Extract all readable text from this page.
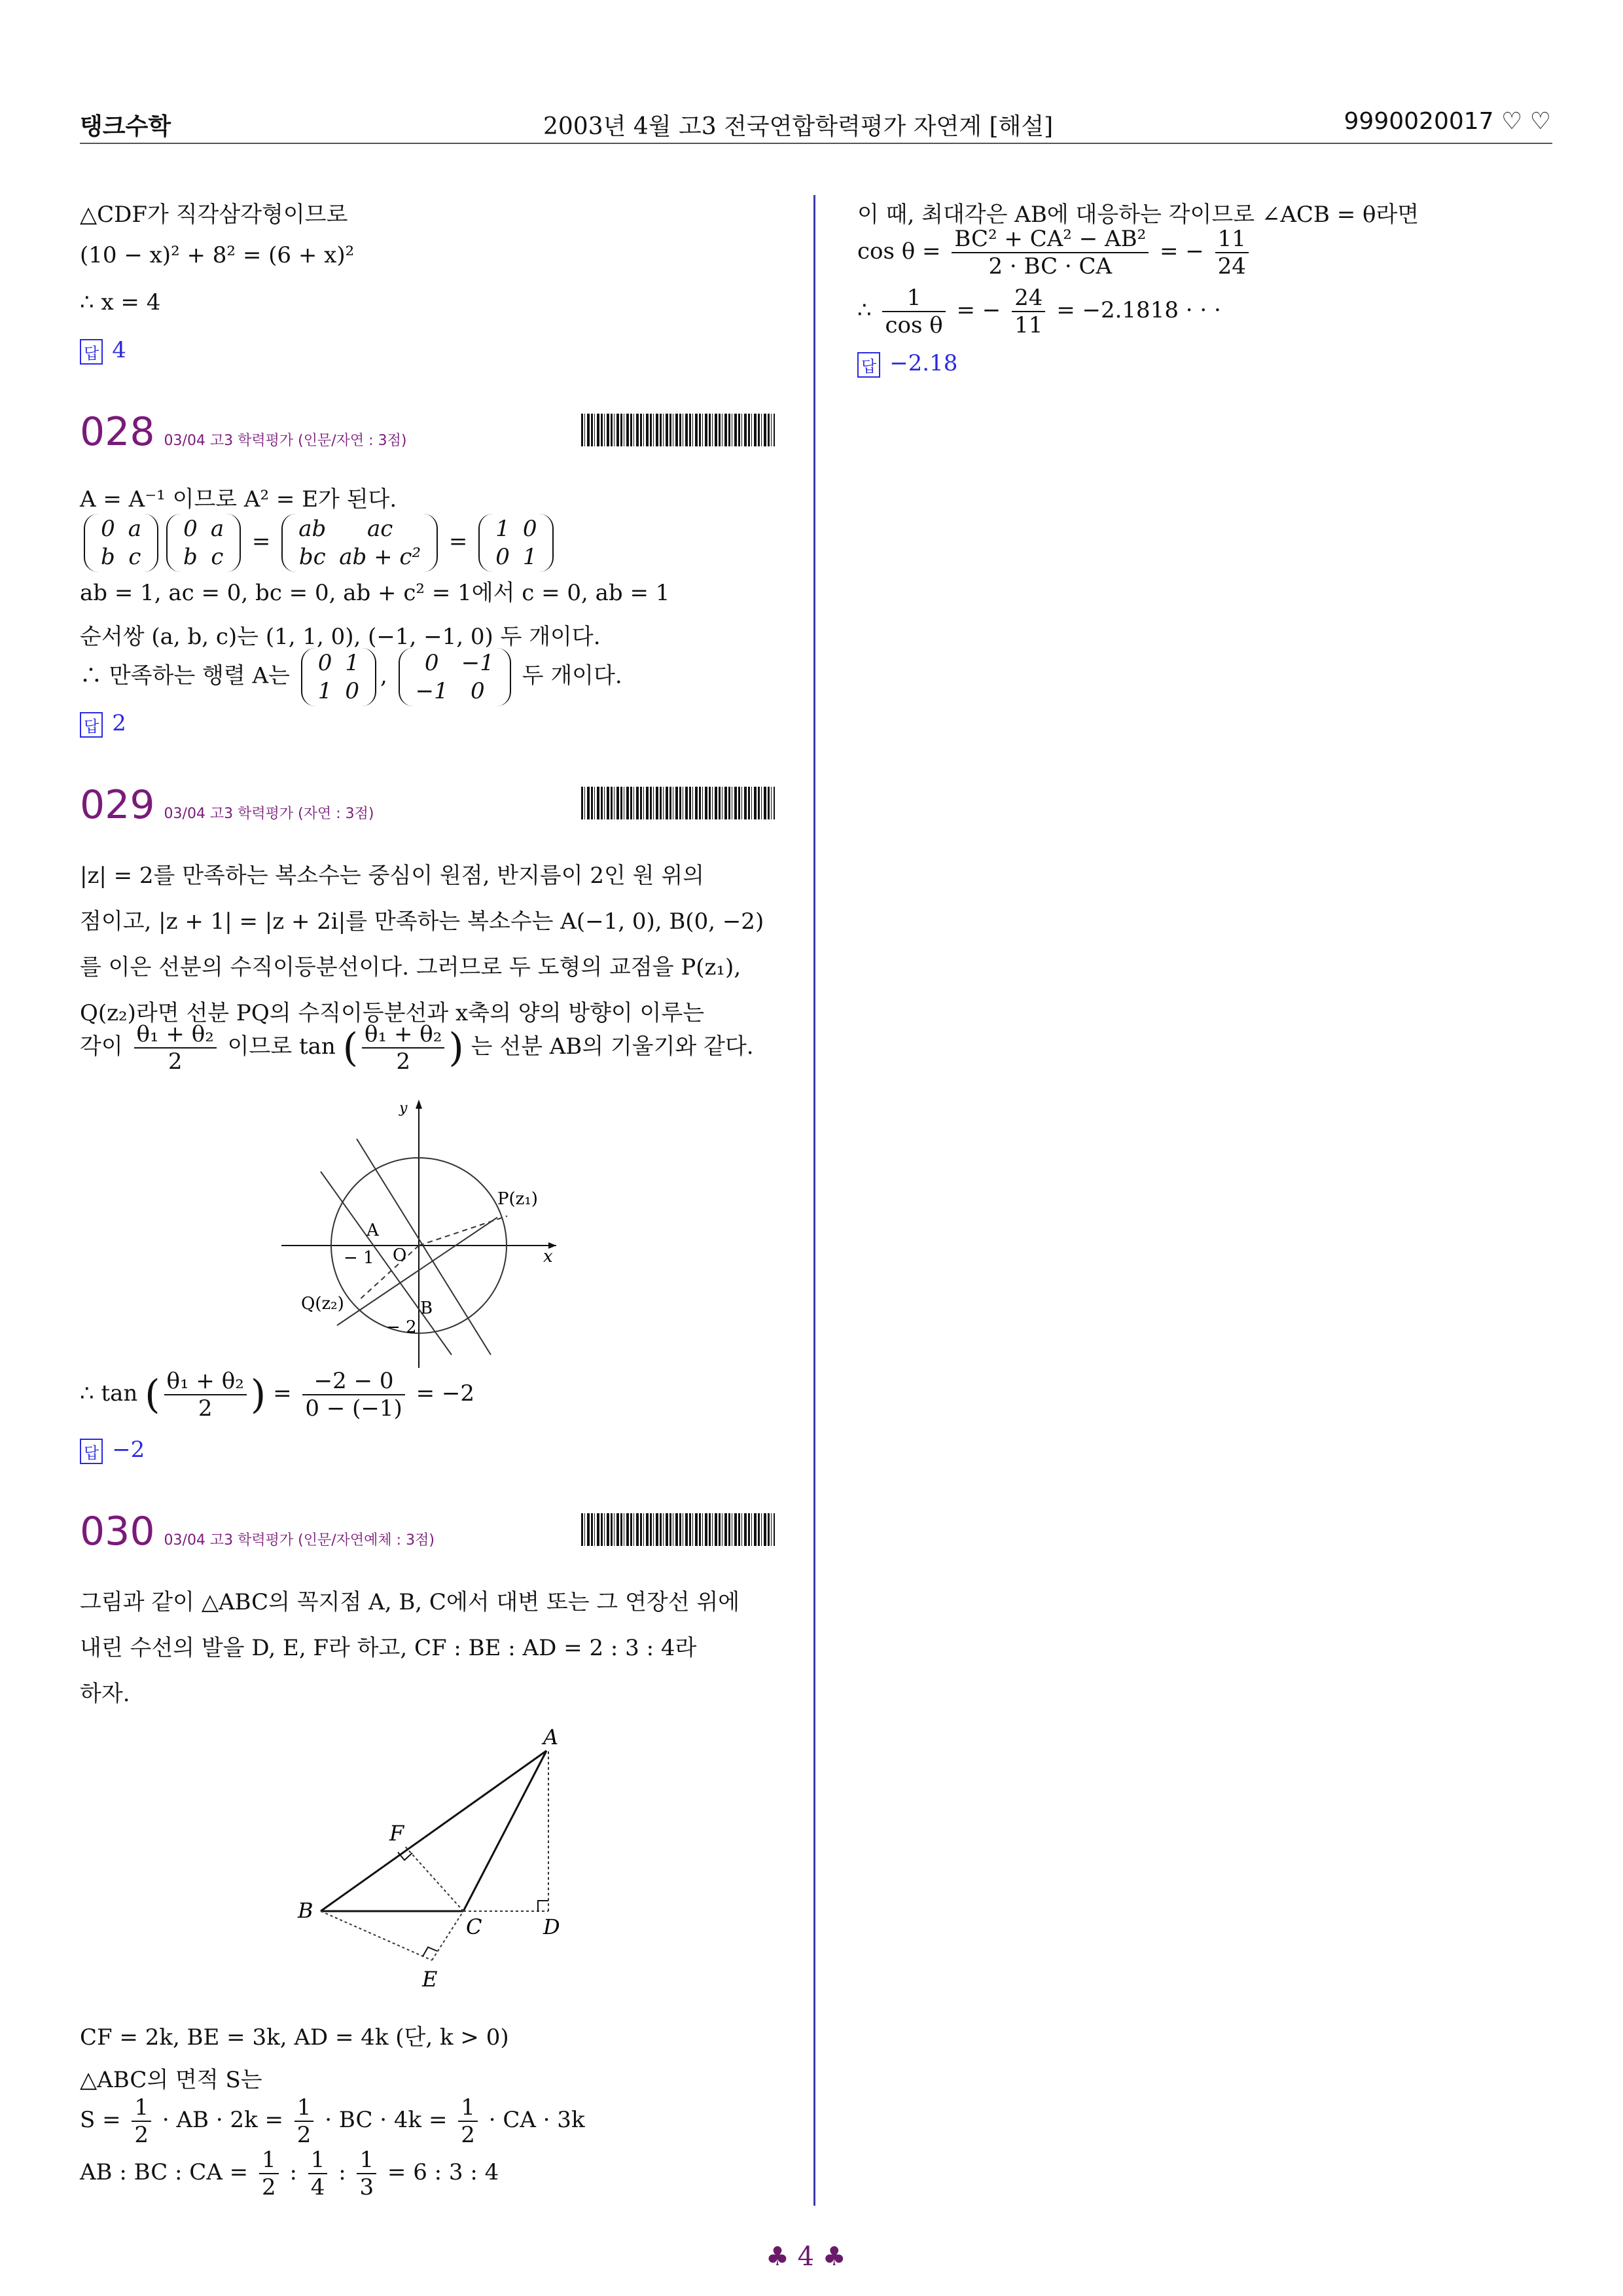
탱크수학	2003년 4월 고3 전국연합학력평가 자연계 [해설]	9990020017 ♡ ♡
△CDF가 직각삼각형이므로
(10 − x)² + 8² = (6 + x)²
∴ x = 4
답 4
028 03/04 고3 학력평가 (인문/자연 : 3점)
A = A⁻¹ 이므로 A² = E가 된다.
0	a
b	c
0	a
b	c
= ab	ac
bc	ab + c²
= 1	0
0	1
ab = 1, ac = 0, bc = 0, ab + c² = 1에서 c = 0, ab = 1
순서쌍 (a, b, c)는 (1, 1, 0), (−1, −1, 0) 두 개이다.
∴ 만족하는 행렬 A는 0	1
1	0
, 0	−1
−1	0
두 개이다.
답 2
029 03/04 고3 학력평가 (자연 : 3점)
|z| = 2를 만족하는 복소수는 중심이 원점, 반지름이 2인 원 위의
점이고, |z + 1| = |z + 2i|를 만족하는 복소수는 A(−1, 0), B(0, −2)
를 이은 선분의 수직이등분선이다. 그러므로 두 도형의 교점을 P(z₁),
Q(z₂)라면 선분 PQ의 수직이등분선과 x축의 양의 방향이 이루는
각이 $\frac{\text{θ₁ + θ₂}}{2}$ 이므로 tan ( $\frac{\text{θ₁ + θ₂}}{2}$ ) 는 선분 AB의 기울기와 같다.
y
x
P(z₁)
Q(z₂)
A
B
O
− 1
− 2
∴ tan ( $\frac{\text{θ₁ + θ₂}}{2}$ ) = $\frac{-2 - 0}{0 - (-1)} = -2$
답 −2
030 03/04 고3 학력평가 (인문/자연예체 : 3점)
그림과 같이 △ABC의 꼭지점 A, B, C에서 대변 또는 그 연장선 위에
내린 수선의 발을 D, E, F라 하고, CF : BE : AD = 2 : 3 : 4라
하자.
A
B
C	D
E
F
CF = 2k, BE = 3k, AD = 4k (단, k > 0)
△ABC의 면적 S는
$S = \frac{1}{2}$ · AB · $2k = \frac{1}{2}$ · BC · $4k = \frac{1}{2}$ · CA · 3k
AB : BC : CA = $\frac{1}{2}$ : $\frac{1}{4}$ : $\frac{1}{3} = 6$ : 3 : 4
이 때, 최대각은 AB에 대응하는 각이므로 ∠ACB = θ라면
$\cos \theta = \frac{\text{BC² + CA² − AB²}}{2 \cdot BC \cdot CA}$ = − $\frac{11}{24}$
∴ $\frac{1}{\text{cos θ}}$ = − $\frac{24}{11} = -2.1818$ · · ·
답 −2.18
♣ 4 ♣
